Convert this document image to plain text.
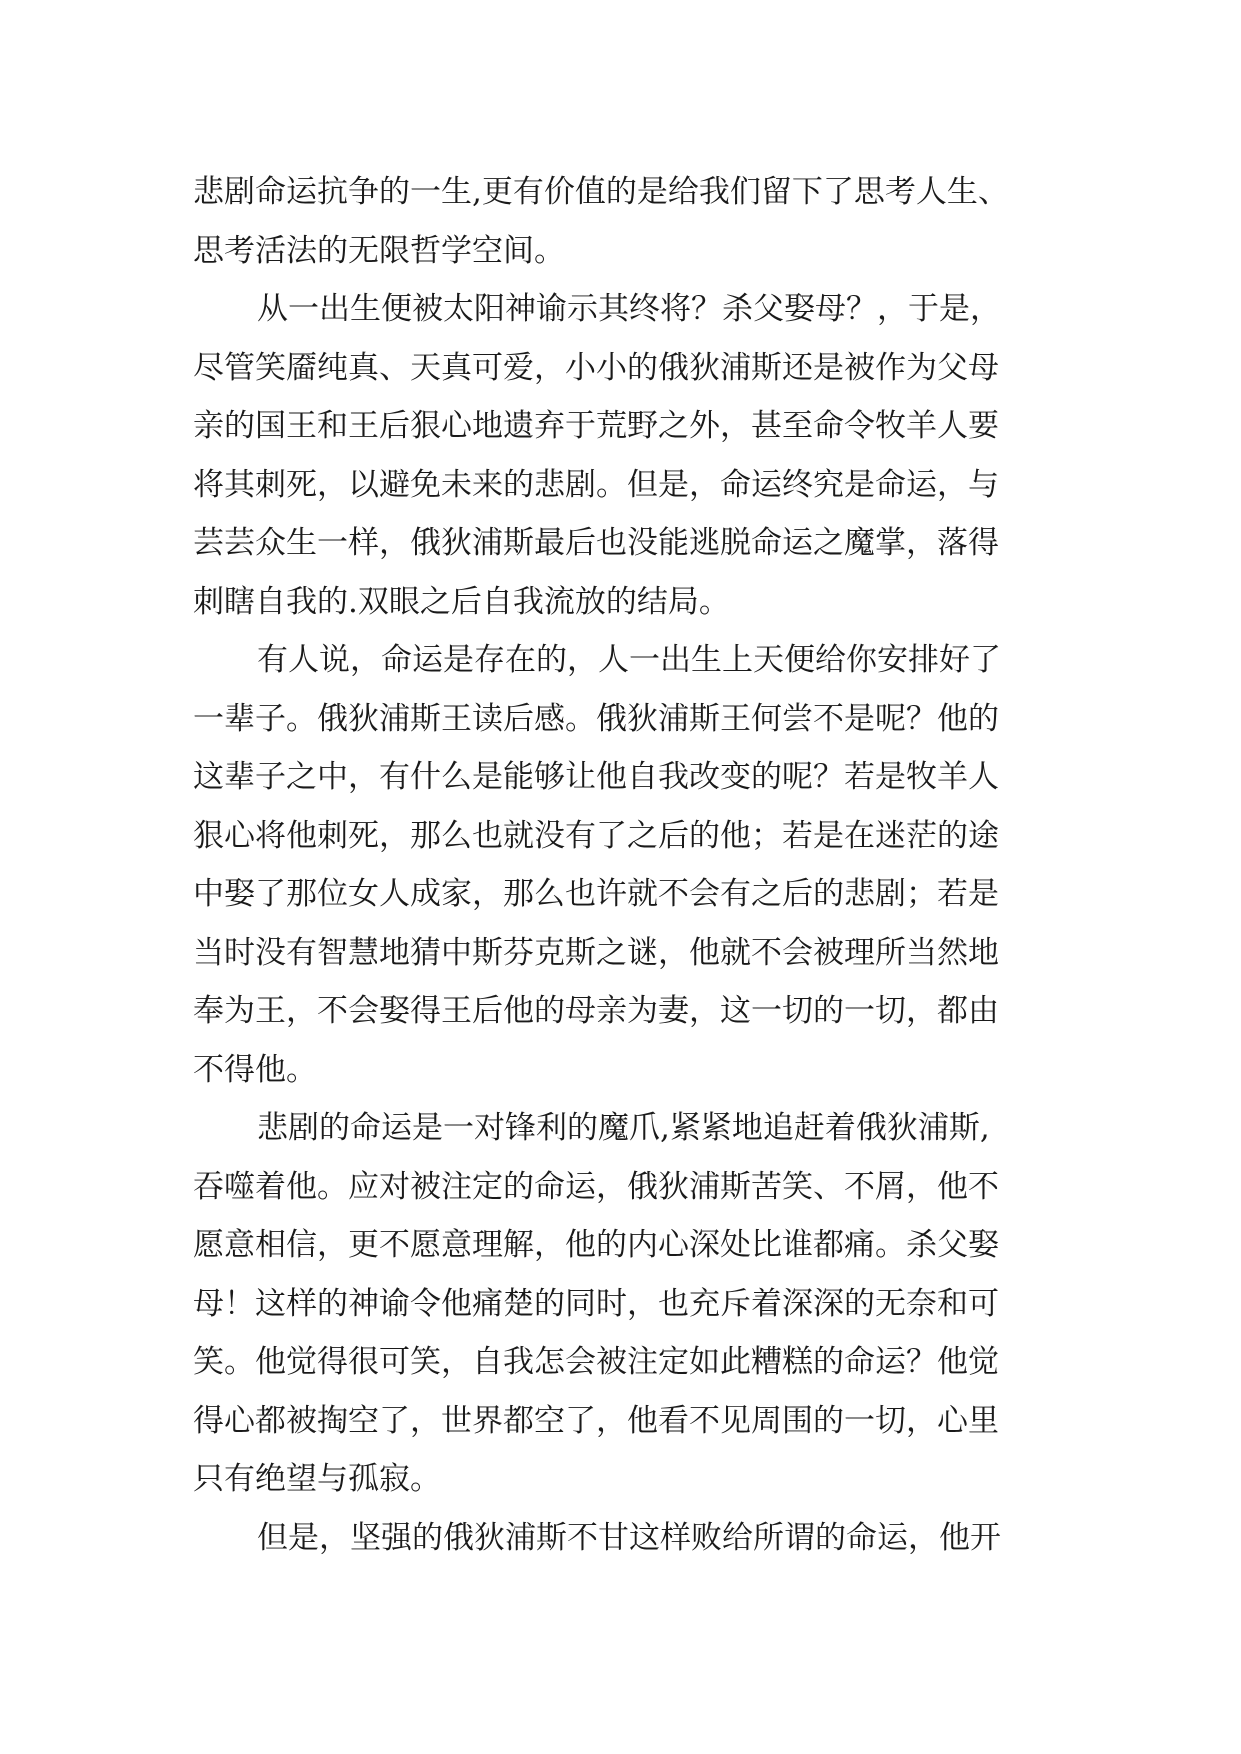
悲剧命运抗争的一生,更有价值的是给我们留下了思考人生、
思考活法的无限哲学空间。
从一出生便被太阳神谕示其终将？杀父娶母？，于是，
尽管笑靥纯真、天真可爱，小小的俄狄浦斯还是被作为父母
亲的国王和王后狠心地遗弃于荒野之外，甚至命令牧羊人要
将其刺死，以避免未来的悲剧。但是，命运终究是命运，与
芸芸众生一样，俄狄浦斯最后也没能逃脱命运之魔掌，落得
刺瞎自我的.双眼之后自我流放的结局。
有人说，命运是存在的，人一出生上天便给你安排好了
一辈子。俄狄浦斯王读后感。俄狄浦斯王何尝不是呢？他的
这辈子之中，有什么是能够让他自我改变的呢？若是牧羊人
狠心将他刺死，那么也就没有了之后的他；若是在迷茫的途
中娶了那位女人成家，那么也许就不会有之后的悲剧；若是
当时没有智慧地猜中斯芬克斯之谜，他就不会被理所当然地
奉为王，不会娶得王后他的母亲为妻，这一切的一切，都由
不得他。
悲剧的命运是一对锋利的魔爪,紧紧地追赶着俄狄浦斯,
吞噬着他。应对被注定的命运，俄狄浦斯苦笑、不屑，他不
愿意相信，更不愿意理解，他的内心深处比谁都痛。杀父娶
母！这样的神谕令他痛楚的同时，也充斥着深深的无奈和可
笑。他觉得很可笑，自我怎会被注定如此糟糕的命运？他觉
得心都被掏空了，世界都空了，他看不见周围的一切，心里
只有绝望与孤寂。
但是，坚强的俄狄浦斯不甘这样败给所谓的命运，他开
